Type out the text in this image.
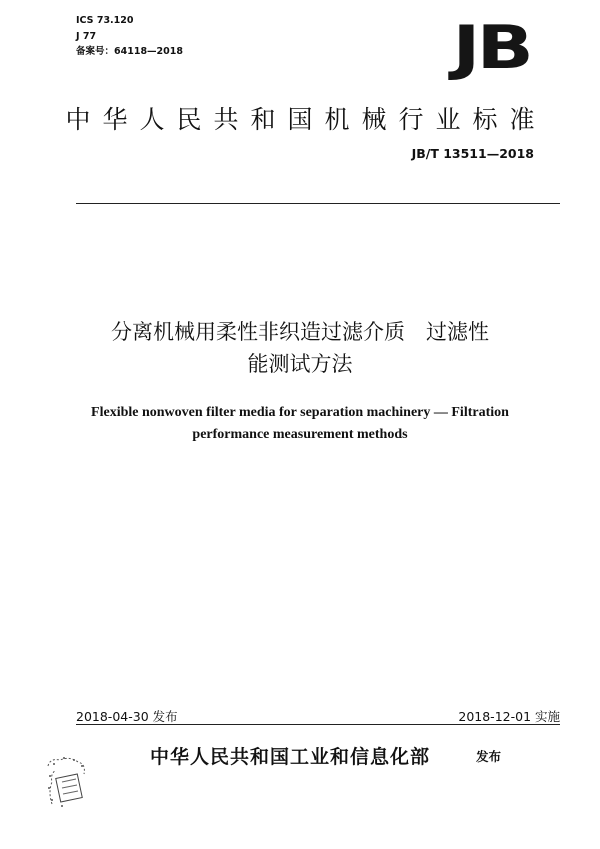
ICS 73.120
J 77
备案号：64118—2018	JB
中华人民共和国机械行业标准
JB/T 13511—2018
分离机械用柔性非织造过滤介质　过滤性
能测试方法
Flexible nonwoven filter media for separation machinery — Filtration
performance measurement methods
2018-04-30 发布	2018-12-01 实施
中华人民共和国工业和信息化部	发布
